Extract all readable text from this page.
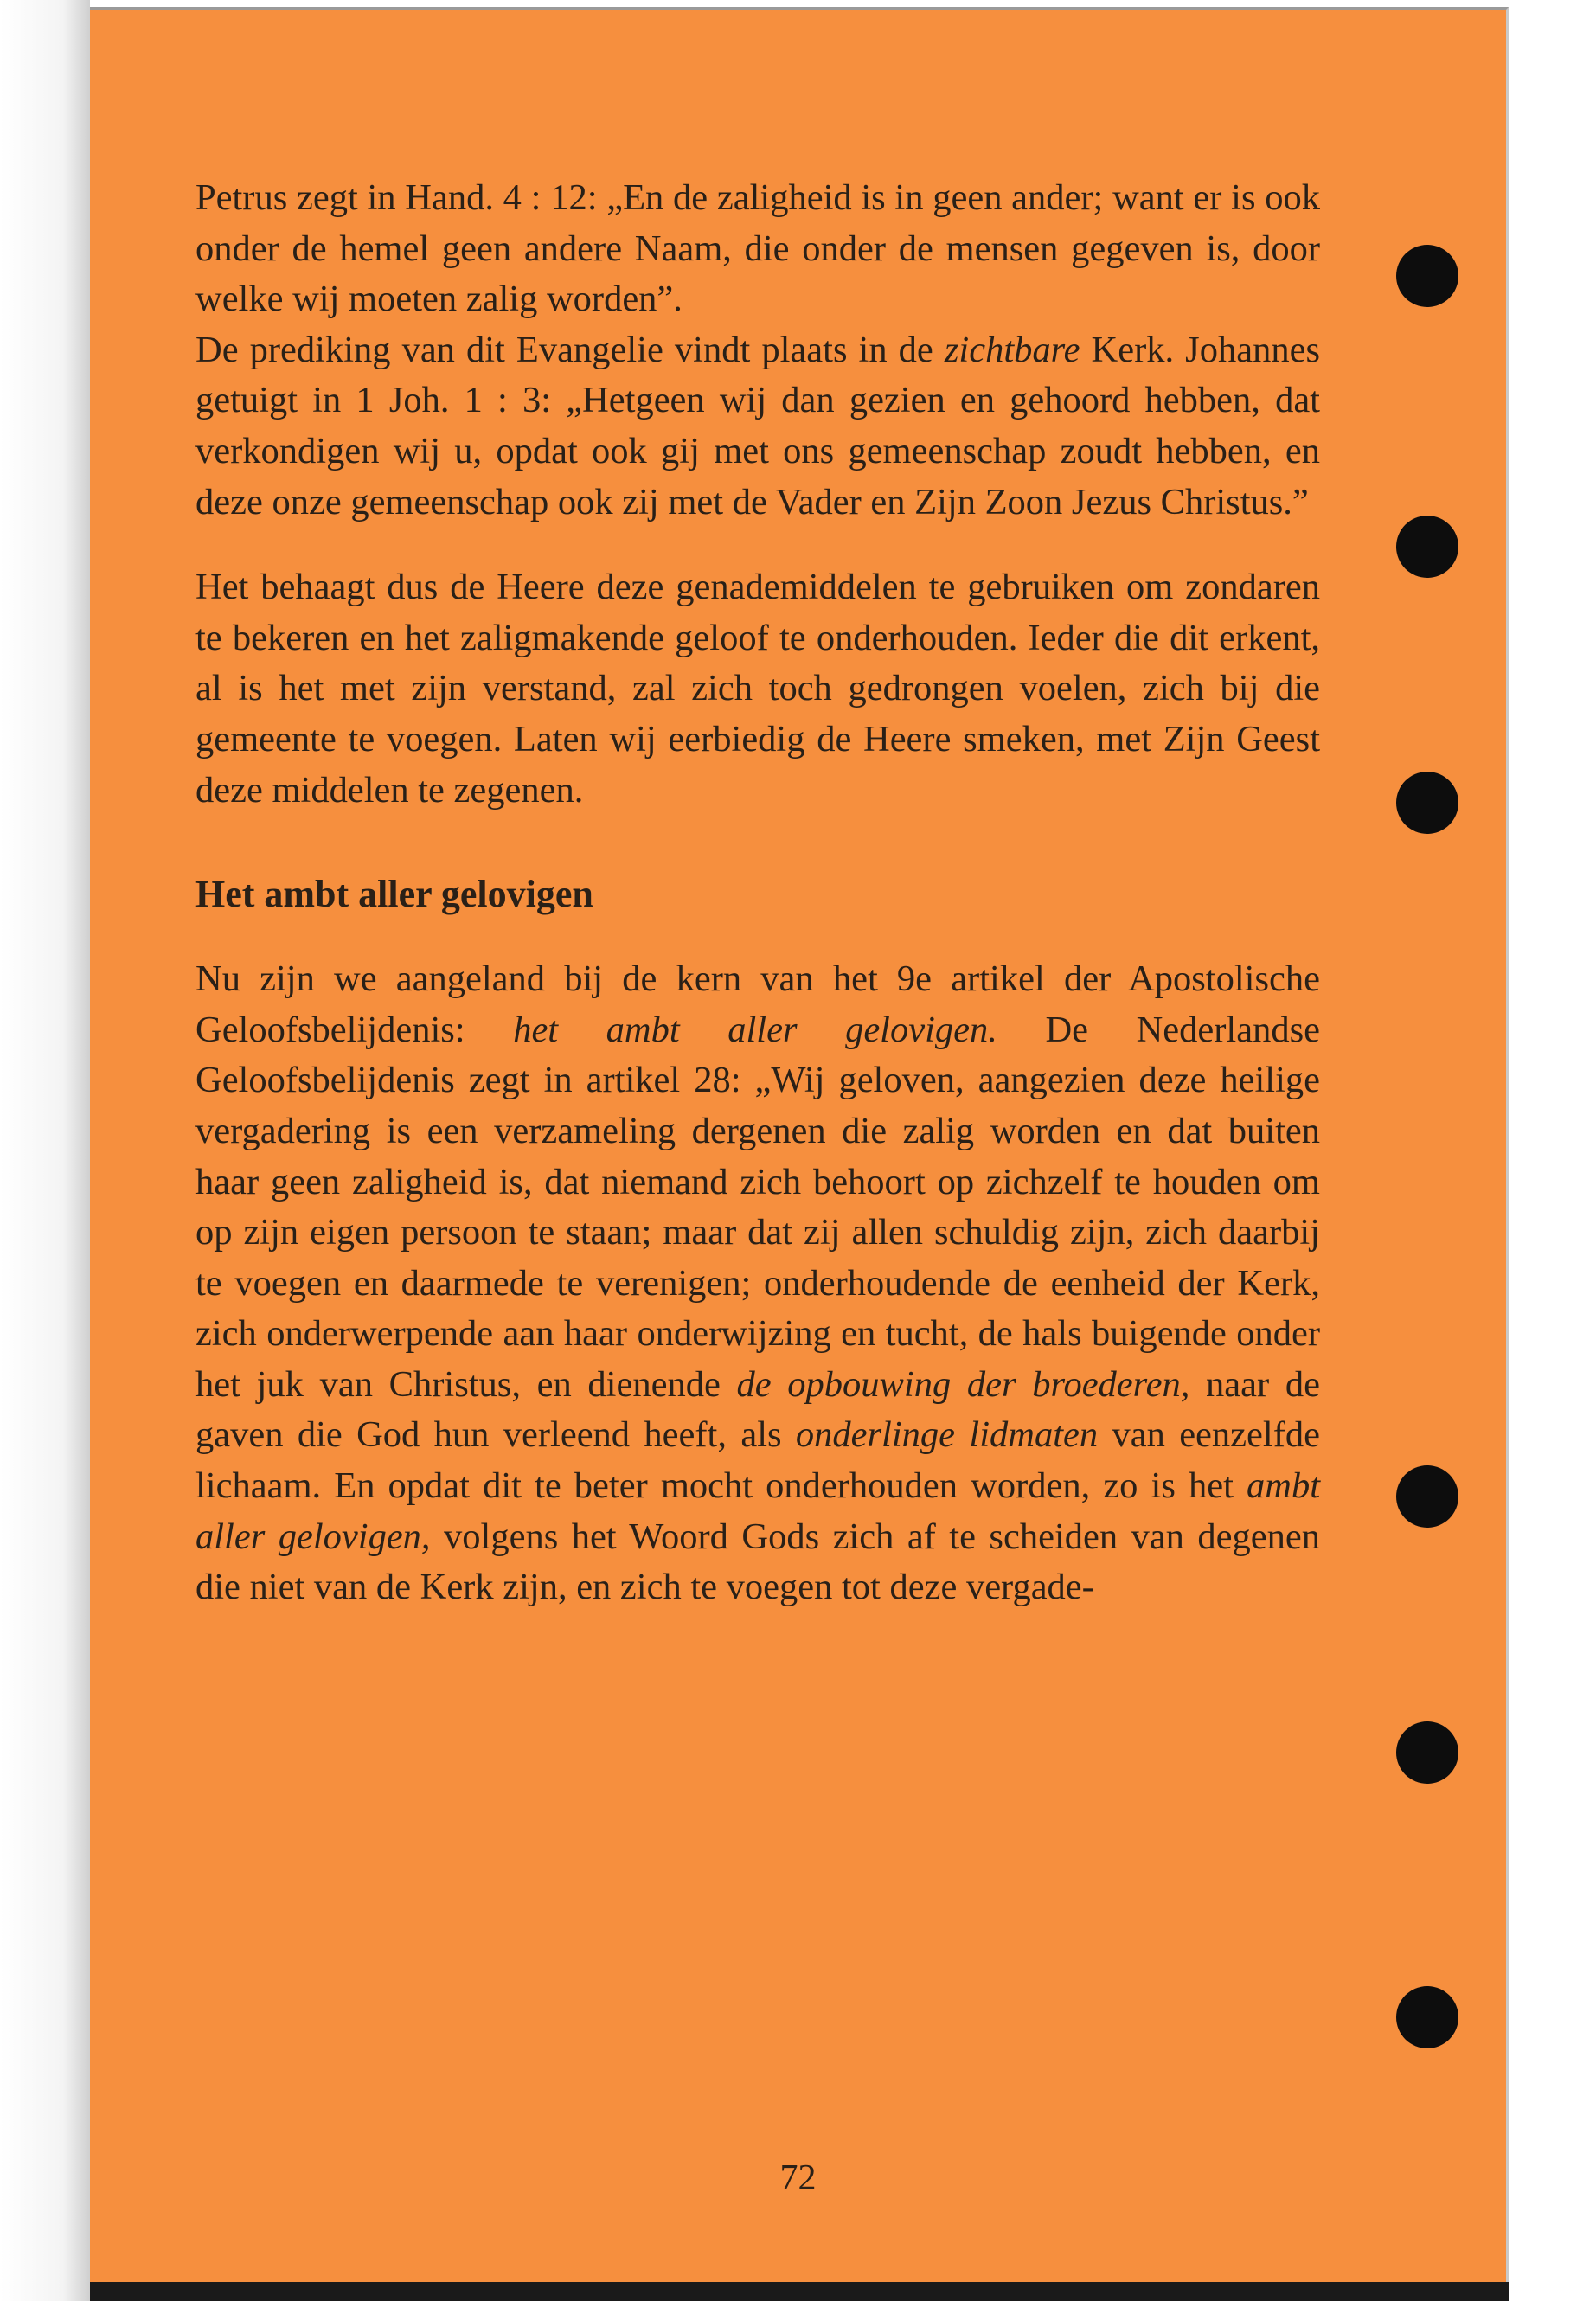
Petrus zegt in Hand. 4 : 12: „En de zaligheid is in geen ander; want er is ook onder de hemel geen andere Naam, die onder de mensen gegeven is, door welke wij moeten zalig worden”.

De prediking van dit Evangelie vindt plaats in de zichtbare Kerk. Johannes getuigt in 1 Joh. 1 : 3: „Hetgeen wij dan gezien en gehoord hebben, dat verkondigen wij u, opdat ook gij met ons gemeenschap zoudt hebben, en deze onze gemeenschap ook zij met de Vader en Zijn Zoon Jezus Christus.”

Het behaagt dus de Heere deze genademiddelen te gebruiken om zondaren te bekeren en het zaligmakende geloof te onderhouden. Ieder die dit erkent, al is het met zijn verstand, zal zich toch gedrongen voelen, zich bij die gemeente te voegen. Laten wij eerbiedig de Heere smeken, met Zijn Geest deze middelen te zegenen.

Het ambt aller gelovigen

Nu zijn we aangeland bij de kern van het 9e artikel der Apostolische Geloofsbelijdenis: het ambt aller gelovigen. De Nederlandse Geloofsbelijdenis zegt in artikel 28: „Wij geloven, aangezien deze heilige vergadering is een verzameling dergenen die zalig worden en dat buiten haar geen zaligheid is, dat niemand zich behoort op zichzelf te houden om op zijn eigen persoon te staan; maar dat zij allen schuldig zijn, zich daarbij te voegen en daarmede te verenigen; onderhoudende de eenheid der Kerk, zich onderwerpende aan haar onderwijzing en tucht, de hals buigende onder het juk van Christus, en dienende de opbouwing der broederen, naar de gaven die God hun verleend heeft, als onderlinge lidmaten van eenzelfde lichaam. En opdat dit te beter mocht onderhouden worden, zo is het ambt aller gelovigen, volgens het Woord Gods zich af te scheiden van degenen die niet van de Kerk zijn, en zich te voegen tot deze vergade-

72
